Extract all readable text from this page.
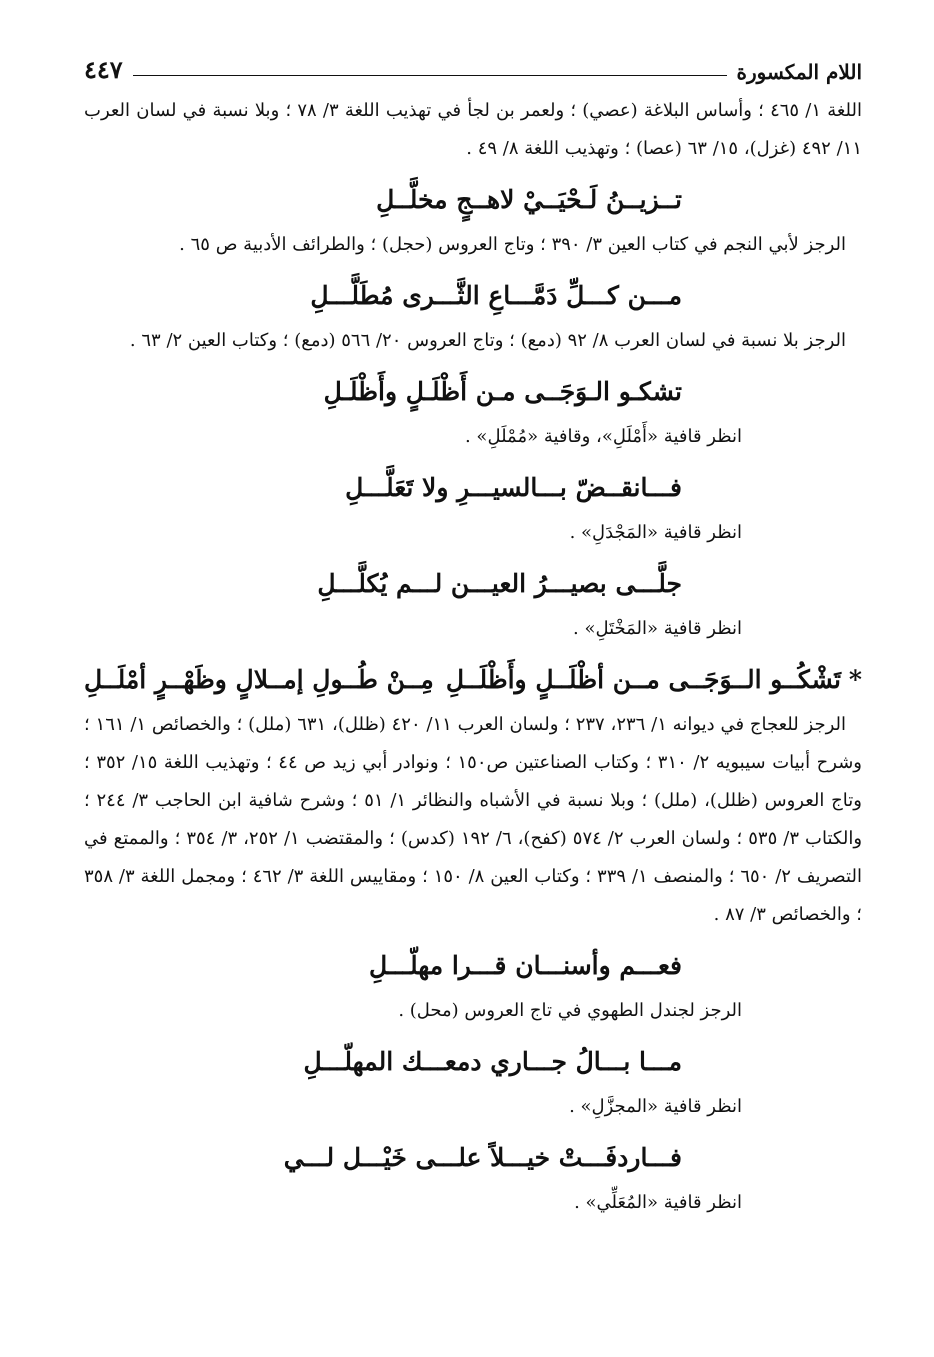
اللام المكسورة
٤٤٧

اللغة ١/ ٤٦٥ ؛ وأساس البلاغة (عصي) ؛ ولعمر بن لجأ في تهذيب اللغة ٣/ ٧٨ ؛ وبلا نسبة في لسان العرب ١١/ ٤٩٢ (غزل)، ١٥/ ٦٣ (عصا) ؛ وتهذيب اللغة ٨/ ٤٩ .

تــزيــنُ لَـحْيَــيْ لاهــجٍ مخلَّــلِ

الرجز لأبي النجم في كتاب العين ٣/ ٣٩٠ ؛ وتاج العروس (حجل) ؛ والطرائف الأدبية ص ٦٥ .

مـــن كـــلِّ دَمَّـــاعِ الثَّـــرى مُطَلَّـــلِ

الرجز بلا نسبة في لسان العرب ٨/ ٩٢ (دمع) ؛ وتاج العروس ٢٠/ ٥٦٦ (دمع) ؛ وكتاب العين ٢/ ٦٣ .

تشكـو الـوَجَــى مـن أَظْلَـلٍ وأَظْلَـلِ

انظر قافية «أَمْلَلِ»، وقافية «مُمْلَلِ» .

فـــانقــضّ بـــالسيـــرِ ولا تَعَلَّـــلِ

انظر قافية «المَجْدَلِ» .

جلَّـــى بصيـــرُ العيـــن لـــم يُكلَّـــلِ

انظر قافية «المَخْتَلِ» .

*تَشْكُــو الــوَجَــى مــن أظْلَــلٍ وأَظْلَــلِ
مِــنْ طُــولِ إمــلالٍ وظَهْــرٍ أمْلَــلِ

الرجز للعجاج في ديوانه ١/ ٢٣٦، ٢٣٧ ؛ ولسان العرب ١١/ ٤٢٠ (ظلل)، ٦٣١ (ملل) ؛ والخصائص ١/ ١٦١ ؛ وشرح أبيات سيبويه ٢/ ٣١٠ ؛ وكتاب الصناعتين ص١٥٠ ؛ ونوادر أبي زيد ص ٤٤ ؛ وتهذيب اللغة ١٥/ ٣٥٢ ؛ وتاج العروس (ظلل)، (ملل) ؛ وبلا نسبة في الأشباه والنظائر ١/ ٥١ ؛ وشرح شافية ابن الحاجب ٣/ ٢٤٤ ؛ والكتاب ٣/ ٥٣٥ ؛ ولسان العرب ٢/ ٥٧٤ (كفح)، ٦/ ١٩٢ (كدس) ؛ والمقتضب ١/ ٢٥٢، ٣/ ٣٥٤ ؛ والممتع في التصريف ٢/ ٦٥٠ ؛ والمنصف ١/ ٣٣٩ ؛ وكتاب العين ٨/ ١٥٠ ؛ ومقاييس اللغة ٣/ ٤٦٢ ؛ ومجمل اللغة ٣/ ٣٥٨ ؛ والخصائص ٣/ ٨٧ .

فعـــم وأسنـــان قـــرا مهلّـــلِ

الرجز لجندل الطهوي في تاج العروس (محل) .

مـــا بـــالُ جـــاري دمعـــك المهلّـــلِ

انظر قافية «المجزَّلِ» .

فـــاردفَـــتْ خيـــلاً علـــى خَيْـــل لـــي

انظر قافية «المُعَلِّي» .
